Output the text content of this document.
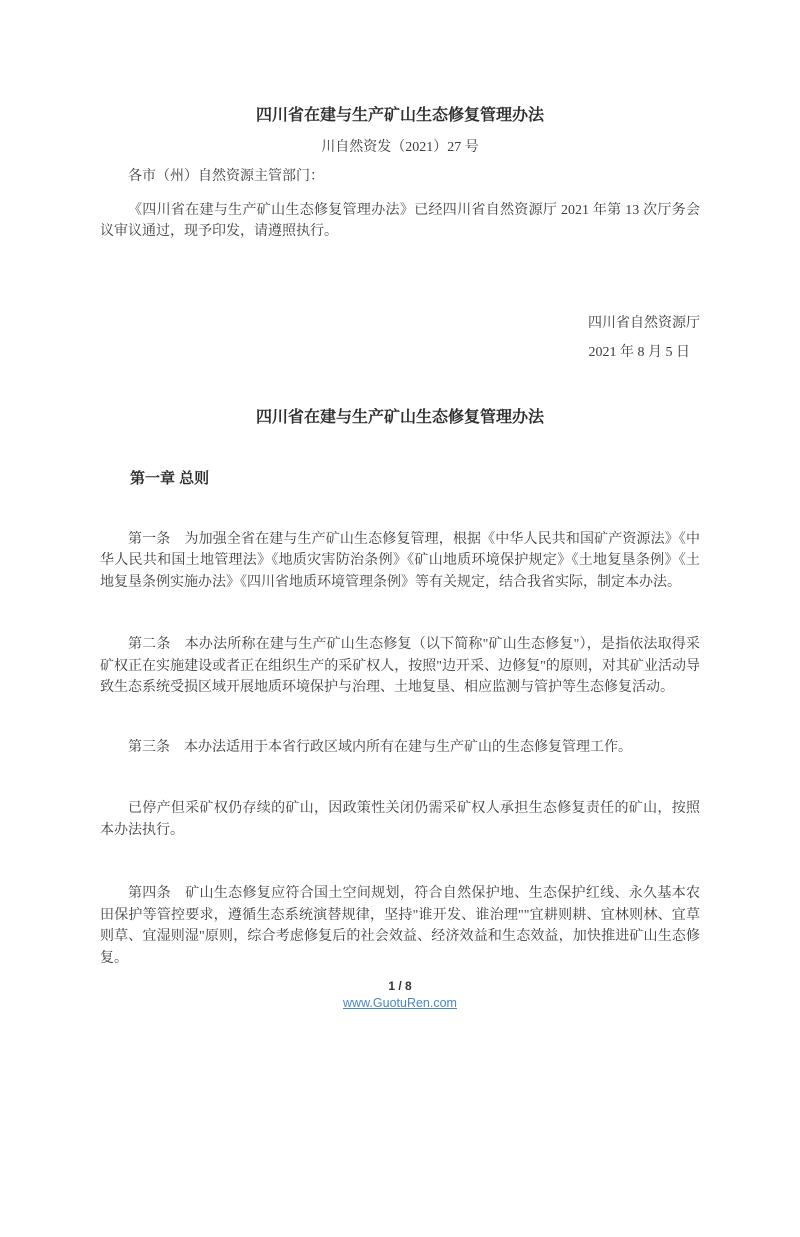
四川省在建与生产矿山生态修复管理办法
川自然资发（2021）27 号

各市（州）自然资源主管部门：

《四川省在建与生产矿山生态修复管理办法》已经四川省自然资源厅 2021 年第 13 次厅务会议审议通过，现予印发，请遵照执行。

四川省自然资源厅
2021 年 8 月 5 日
四川省在建与生产矿山生态修复管理办法
第一章 总则

第一条　为加强全省在建与生产矿山生态修复管理，根据《中华人民共和国矿产资源法》《中华人民共和国土地管理法》《地质灾害防治条例》《矿山地质环境保护规定》《土地复垦条例》《土地复垦条例实施办法》《四川省地质环境管理条例》等有关规定，结合我省实际，制定本办法。

第二条　本办法所称在建与生产矿山生态修复（以下简称"矿山生态修复"），是指依法取得采矿权正在实施建设或者正在组织生产的采矿权人，按照"边开采、边修复"的原则，对其矿业活动导致生态系统受损区域开展地质环境保护与治理、土地复垦、相应监测与管护等生态修复活动。

第三条　本办法适用于本省行政区域内所有在建与生产矿山的生态修复管理工作。

已停产但采矿权仍存续的矿山，因政策性关闭仍需采矿权人承担生态修复责任的矿山，按照本办法执行。

第四条　矿山生态修复应符合国土空间规划，符合自然保护地、生态保护红线、永久基本农田保护等管控要求，遵循生态系统演替规律，坚持"谁开发、谁治理""宜耕则耕、宜林则林、宜草则草、宜湿则湿"原则，综合考虑修复后的社会效益、经济效益和生态效益，加快推进矿山生态修复。

1 / 8
www.GuotuRen.com
